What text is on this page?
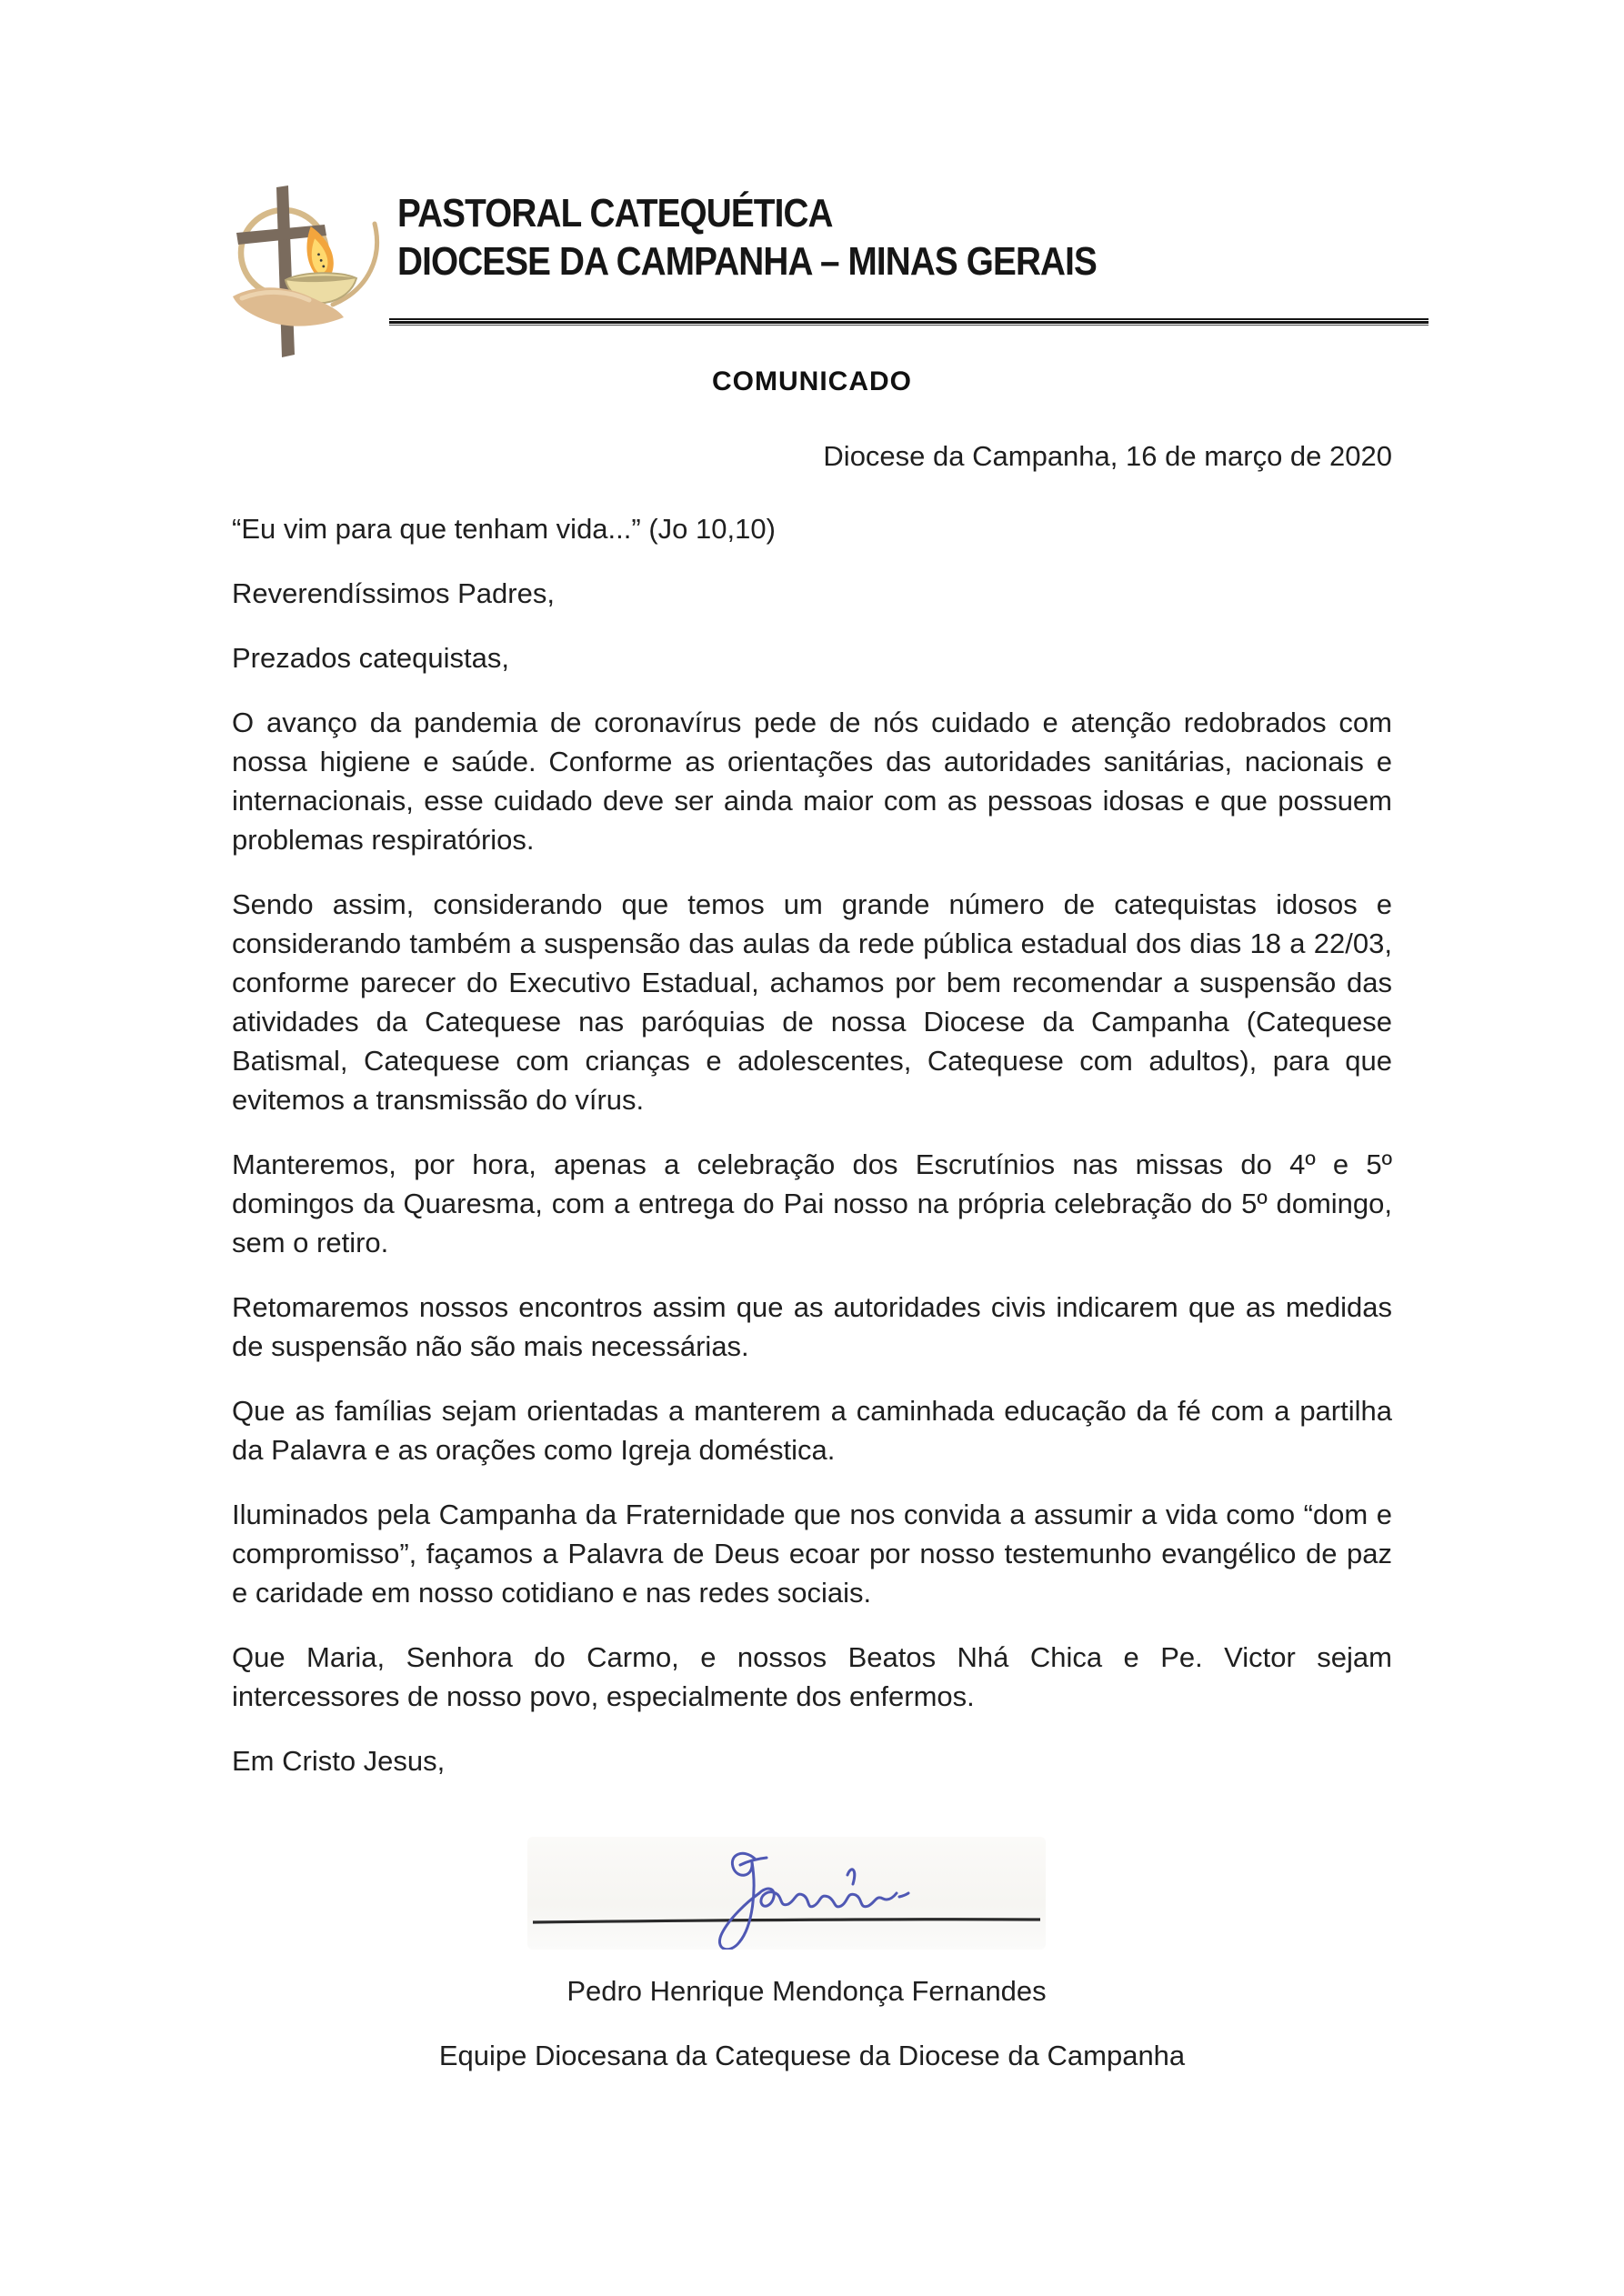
PASTORAL CATEQUÉTICA
DIOCESE DA CAMPANHA – MINAS GERAIS
COMUNICADO

Diocese da Campanha, 16 de março de 2020

“Eu vim para que tenham vida...” (Jo 10,10)

Reverendíssimos Padres,

Prezados catequistas,

O avanço da pandemia de coronavírus pede de nós cuidado e atenção redobrados com nossa higiene e saúde. Conforme as orientações das autoridades sanitárias, nacionais e internacionais, esse cuidado deve ser ainda maior com as pessoas idosas e que possuem problemas respiratórios.

Sendo assim, considerando que temos um grande número de catequistas idosos e considerando também a suspensão das aulas da rede pública estadual dos dias 18 a 22/03, conforme parecer do Executivo Estadual, achamos por bem recomendar a suspensão das atividades da Catequese nas paróquias de nossa Diocese da Campanha (Catequese Batismal, Catequese com crianças e adolescentes, Catequese com adultos), para que evitemos a transmissão do vírus.

Manteremos, por hora, apenas a celebração dos Escrutínios nas missas do 4º e 5º domingos da Quaresma, com a entrega do Pai nosso na própria celebração do 5º domingo, sem o retiro.

Retomaremos nossos encontros assim que as autoridades civis indicarem que as medidas de suspensão não são mais necessárias.

Que as famílias sejam orientadas a manterem a caminhada educação da fé com a partilha da Palavra e as orações como Igreja doméstica.

Iluminados pela Campanha da Fraternidade que nos convida a assumir a vida como “dom e compromisso”, façamos a Palavra de Deus ecoar por nosso testemunho evangélico de paz e caridade em nosso cotidiano e nas redes sociais.

Que Maria, Senhora do Carmo, e nossos Beatos Nhá Chica e Pe. Victor sejam intercessores de nosso povo, especialmente dos enfermos.

Em Cristo Jesus,

Pedro Henrique Mendonça Fernandes

Equipe Diocesana da Catequese da Diocese da Campanha
